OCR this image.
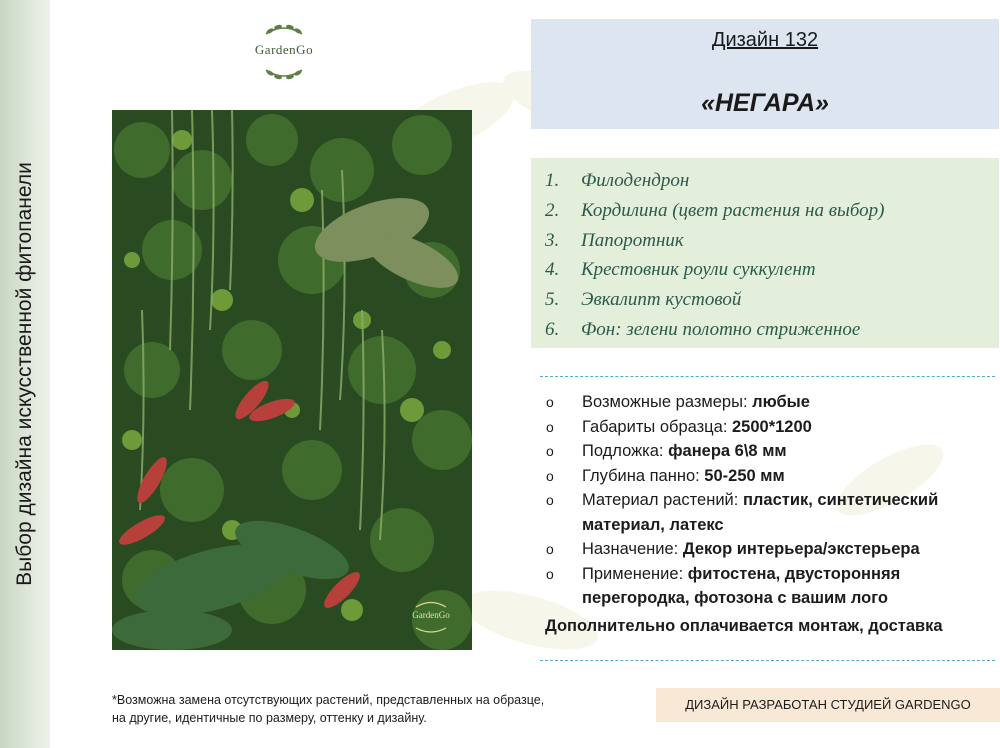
Выбор дизайна искусственной фитопанели
GardenGo
GardenGo
Дизайн 132
«НЕГАРА»
1. Филодендрон
2. Кордилина (цвет растения на выбор)
3. Папоротник
4. Крестовник роули суккулент
5. Эвкалипт кустовой
6. Фон: зелени полотно стриженное
o	Возможные размеры: любые
o	Габариты образца: 2500*1200
o	Подложка: фанера 6\8 мм
o	Глубина панно: 50-250 мм
o	Материал растений: пластик, синтетический материал, латекс
o	Назначение: Декор интерьера/экстерьера
o	Применение: фитостена, двусторонняя перегородка, фотозона с вашим лого
Дополнительно оплачивается монтаж, доставка
*Возможна замена отсутствующих растений, представленных на образце, на другие, идентичные по размеру, оттенку и дизайну.
ДИЗАЙН РАЗРАБОТАН СТУДИЕЙ GARDENGO
